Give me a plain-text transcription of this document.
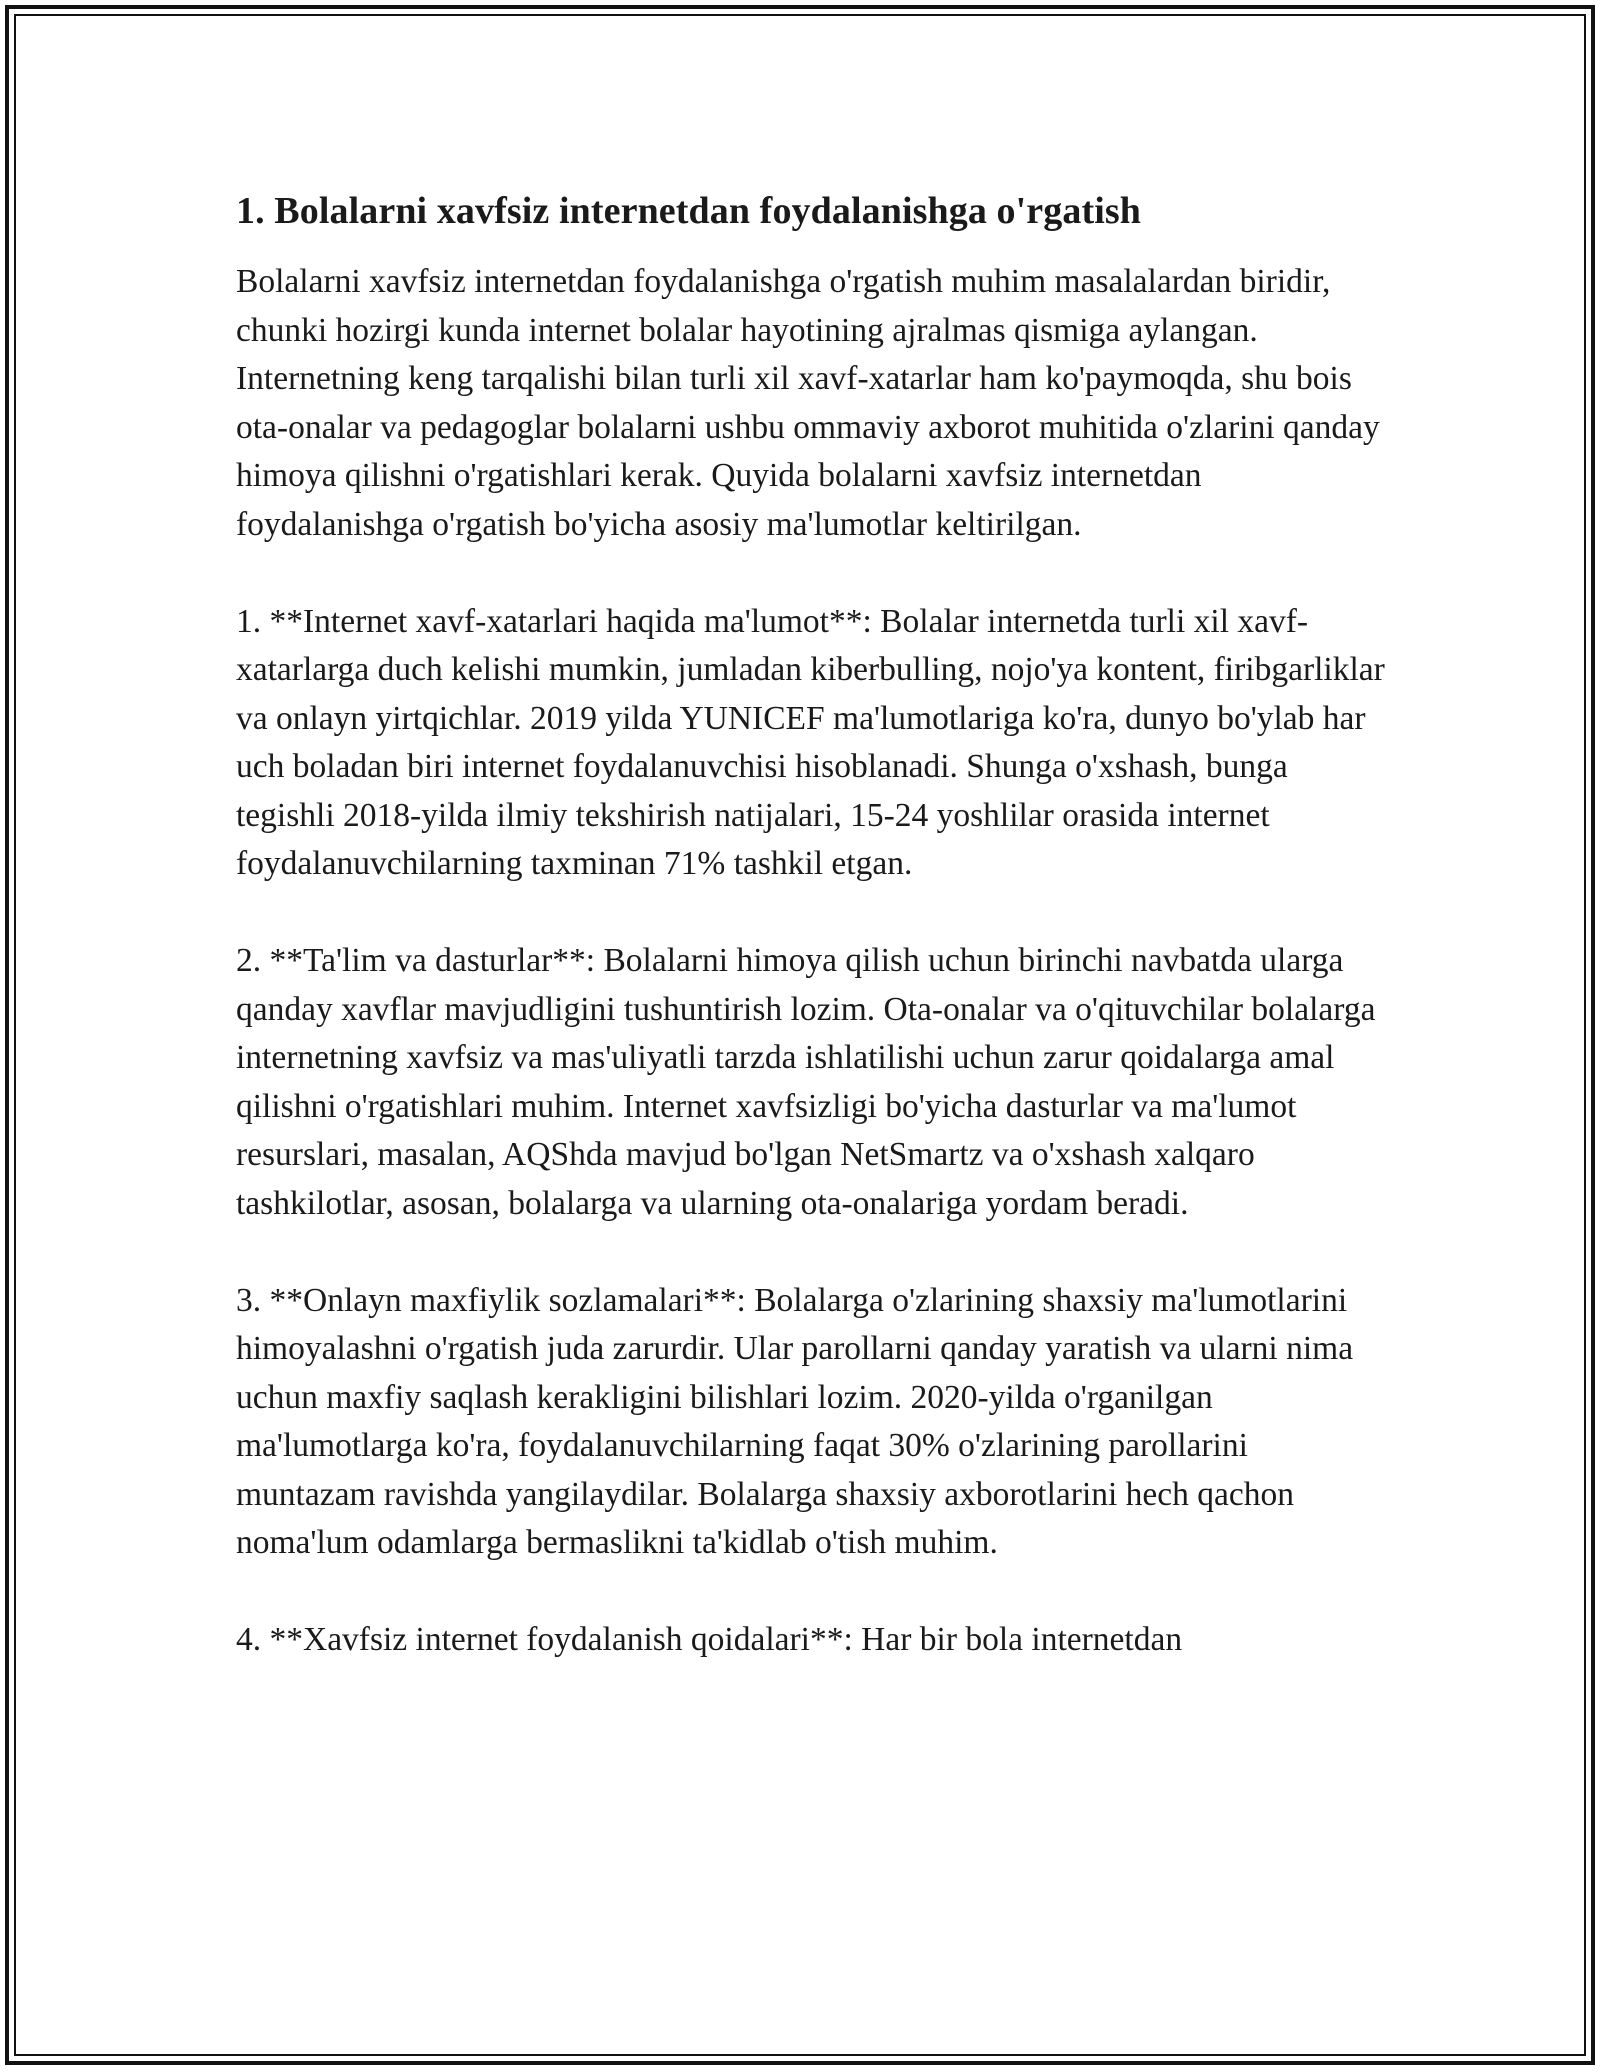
1. Bolalarni xavfsiz internetdan foydalanishga o'rgatish

Bolalarni xavfsiz internetdan foydalanishga o'rgatish muhim masalalardan biridir, chunki hozirgi kunda internet bolalar hayotining ajralmas qismiga aylangan. Internetning keng tarqalishi bilan turli xil xavf-xatarlar ham ko'paymoqda, shu bois ota-onalar va pedagoglar bolalarni ushbu ommaviy axborot muhitida o'zlarini qanday himoya qilishni o'rgatishlari kerak. Quyida bolalarni xavfsiz internetdan foydalanishga o'rgatish bo'yicha asosiy ma'lumotlar keltirilgan.

1. **Internet xavf-xatarlari haqida ma'lumot**: Bolalar internetda turli xil xavf-xatarlarga duch kelishi mumkin, jumladan kiberbulling, nojo'ya kontent, firibgarliklar va onlayn yirtqichlar. 2019 yilda YUNICEF ma'lumotlariga ko'ra, dunyo bo'ylab har uch boladan biri internet foydalanuvchisi hisoblanadi. Shunga o'xshash, bunga tegishli 2018-yilda ilmiy tekshirish natijalari, 15-24 yoshlilar orasida internet foydalanuvchilarning taxminan 71% tashkil etgan.

2. **Ta'lim va dasturlar**: Bolalarni himoya qilish uchun birinchi navbatda ularga qanday xavflar mavjudligini tushuntirish lozim. Ota-onalar va o'qituvchilar bolalarga internetning xavfsiz va mas'uliyatli tarzda ishlatilishi uchun zarur qoidalarga amal qilishni o'rgatishlari muhim. Internet xavfsizligi bo'yicha dasturlar va ma'lumot resurslari, masalan, AQShda mavjud bo'lgan NetSmartz va o'xshash xalqaro tashkilotlar, asosan, bolalarga va ularning ota-onalariga yordam beradi.

3. **Onlayn maxfiylik sozlamalari**: Bolalarga o'zlarining shaxsiy ma'lumotlarini himoyalashni o'rgatish juda zarurdir. Ular parollarni qanday yaratish va ularni nima uchun maxfiy saqlash kerakligini bilishlari lozim. 2020-yilda o'rganilgan ma'lumotlarga ko'ra, foydalanuvchilarning faqat 30% o'zlarining parollarini muntazam ravishda yangilaydilar. Bolalarga shaxsiy axborotlarini hech qachon noma'lum odamlarga bermaslikni ta'kidlab o'tish muhim.

4. **Xavfsiz internet foydalanish qoidalari**: Har bir bola internetdan
